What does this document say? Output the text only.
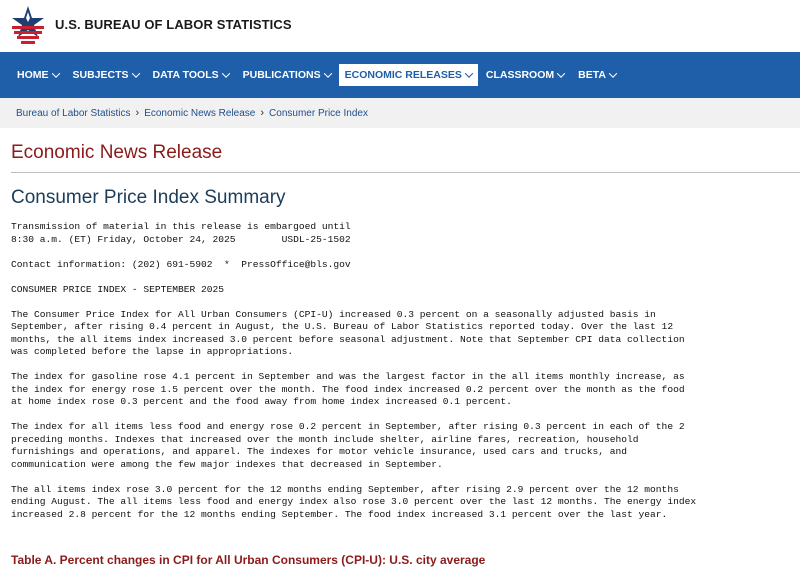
U.S. BUREAU OF LABOR STATISTICS
HOME SUBJECTS DATA TOOLS PUBLICATIONS ECONOMIC RELEASES CLASSROOM BETA
Bureau of Labor Statistics › Economic News Release › Consumer Price Index
Economic News Release
Consumer Price Index Summary
Transmission of material in this release is embargoed until
8:30 a.m. (ET) Friday, October 24, 2025        USDL-25-1502

Contact information: (202) 691-5902  *  PressOffice@bls.gov

CONSUMER PRICE INDEX - SEPTEMBER 2025

The Consumer Price Index for All Urban Consumers (CPI-U) increased 0.3 percent on a seasonally adjusted basis in
September, after rising 0.4 percent in August, the U.S. Bureau of Labor Statistics reported today. Over the last 12
months, the all items index increased 3.0 percent before seasonal adjustment. Note that September CPI data collection
was completed before the lapse in appropriations.

The index for gasoline rose 4.1 percent in September and was the largest factor in the all items monthly increase, as
the index for energy rose 1.5 percent over the month. The food index increased 0.2 percent over the month as the food
at home index rose 0.3 percent and the food away from home index increased 0.1 percent.

The index for all items less food and energy rose 0.2 percent in September, after rising 0.3 percent in each of the 2
preceding months. Indexes that increased over the month include shelter, airline fares, recreation, household
furnishings and operations, and apparel. The indexes for motor vehicle insurance, used cars and trucks, and
communication were among the few major indexes that decreased in September.

The all items index rose 3.0 percent for the 12 months ending September, after rising 2.9 percent over the 12 months
ending August. The all items less food and energy index also rose 3.0 percent over the last 12 months. The energy index
increased 2.8 percent for the 12 months ending September. The food index increased 3.1 percent over the last year.
Table A. Percent changes in CPI for All Urban Consumers (CPI-U): U.S. city average
